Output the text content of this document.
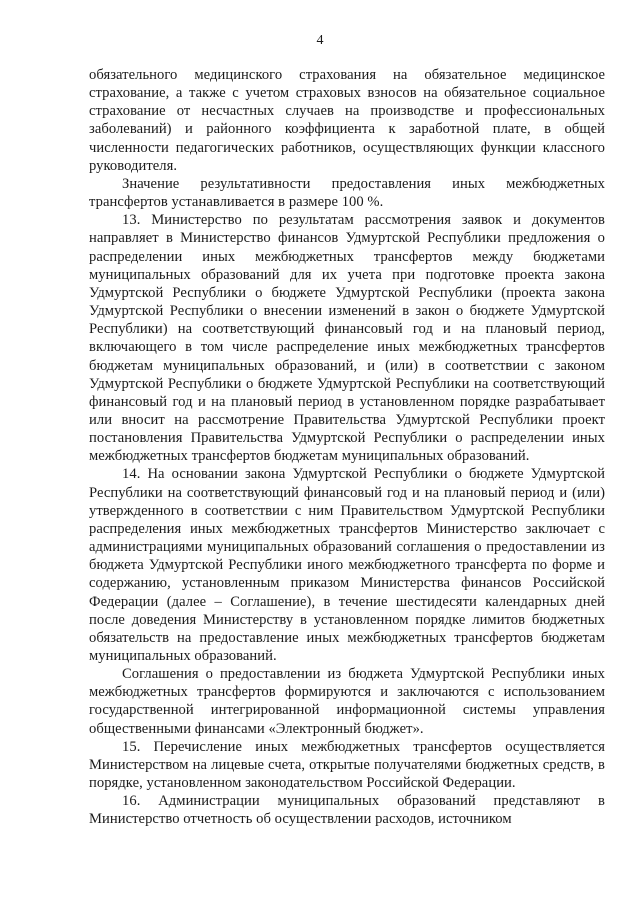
4

обязательного медицинского страхования на обязательное медицинское страхование, а также с учетом страховых взносов на обязательное социальное страхование от несчастных случаев на производстве и профессиональных заболеваний) и районного коэффициента к заработной плате, в общей численности педагогических работников, осуществляющих функции классного руководителя.

Значение результативности предоставления иных межбюджетных трансфертов устанавливается в размере 100 %.

13. Министерство по результатам рассмотрения заявок и документов направляет в Министерство финансов Удмуртской Республики предложения о распределении иных межбюджетных трансфертов между бюджетами муниципальных образований для их учета при подготовке проекта закона Удмуртской Республики о бюджете Удмуртской Республики (проекта закона Удмуртской Республики о внесении изменений в закон о бюджете Удмуртской Республики) на соответствующий финансовый год и на плановый период, включающего в том числе распределение иных межбюджетных трансфертов бюджетам муниципальных образований, и (или) в соответствии с законом Удмуртской Республики о бюджете Удмуртской Республики на соответствующий финансовый год и на плановый период в установленном порядке разрабатывает или вносит на рассмотрение Правительства Удмуртской Республики проект постановления Правительства Удмуртской Республики о распределении иных межбюджетных трансфертов бюджетам муниципальных образований.

14. На основании закона Удмуртской Республики о бюджете Удмуртской Республики на соответствующий финансовый год и на плановый период и (или) утвержденного в соответствии с ним Правительством Удмуртской Республики распределения иных межбюджетных трансфертов Министерство заключает с администрациями муниципальных образований соглашения о предоставлении из бюджета Удмуртской Республики иного межбюджетного трансферта по форме и содержанию, установленным приказом Министерства финансов Российской Федерации (далее – Соглашение), в течение шестидесяти календарных дней после доведения Министерству в установленном порядке лимитов бюджетных обязательств на предоставление иных межбюджетных трансфертов бюджетам муниципальных образований.

Соглашения о предоставлении из бюджета Удмуртской Республики иных межбюджетных трансфертов формируются и заключаются с использованием государственной интегрированной информационной системы управления общественными финансами «Электронный бюджет».

15. Перечисление иных межбюджетных трансфертов осуществляется Министерством на лицевые счета, открытые получателями бюджетных средств, в порядке, установленном законодательством Российской Федерации.

16. Администрации муниципальных образований представляют в Министерство отчетность об осуществлении расходов, источником
